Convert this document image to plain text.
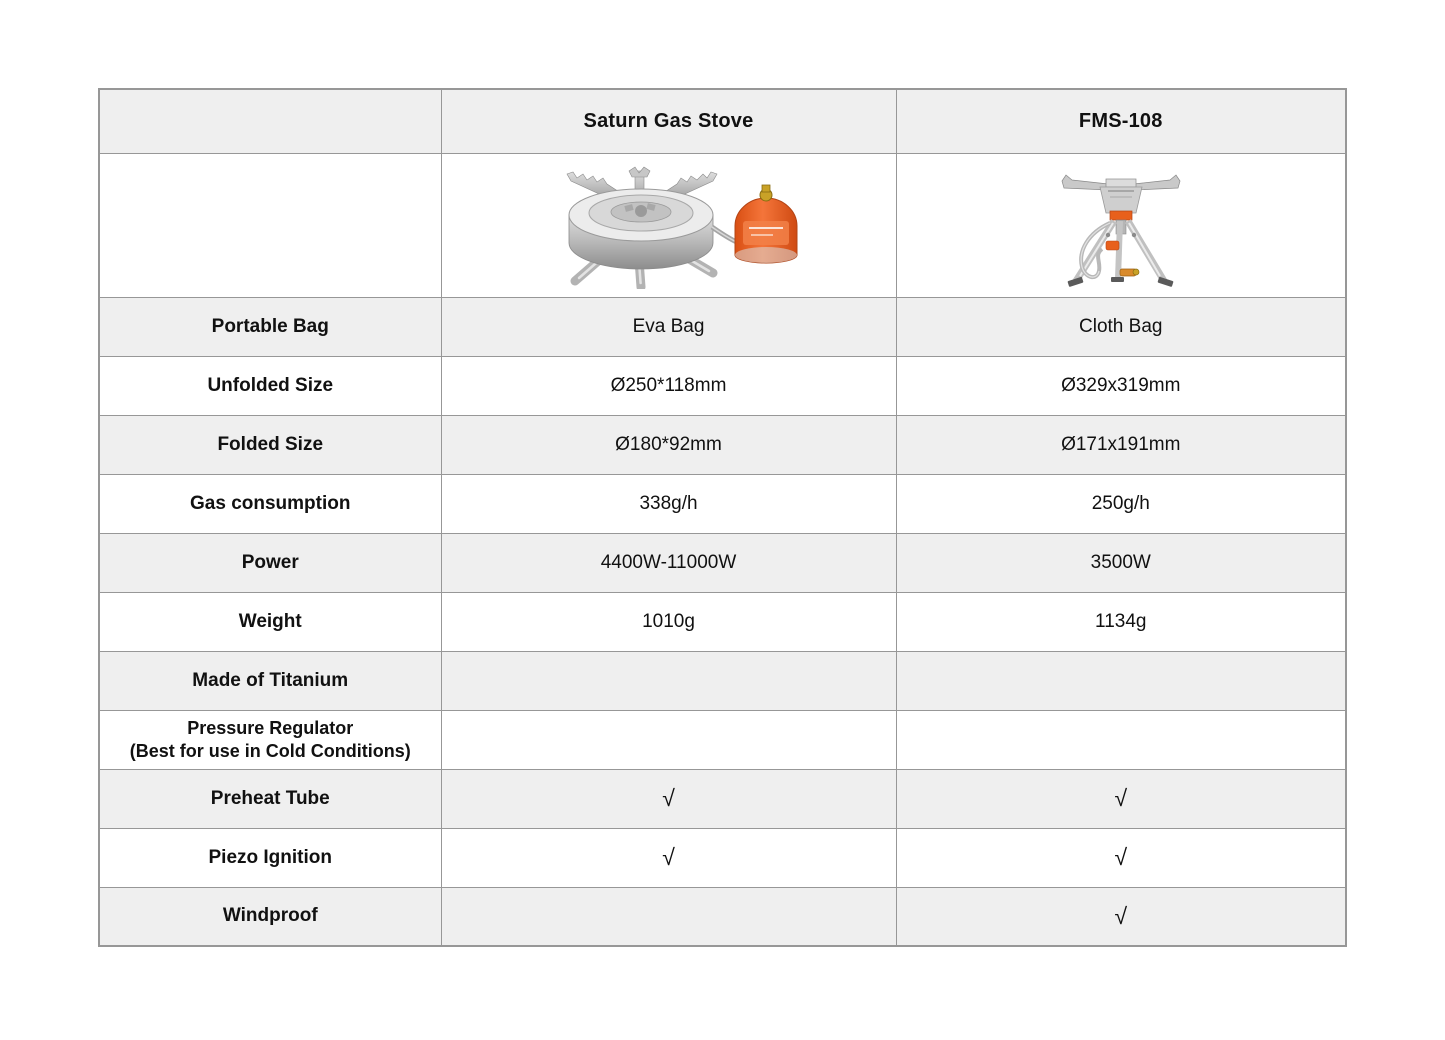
	Saturn Gas Stove	FMS-108

Portable Bag	Eva Bag	Cloth Bag
Unfolded Size	Ø250*118mm	Ø329x319mm
Folded Size	Ø180*92mm	Ø171x191mm
Gas consumption	338g/h	250g/h
Power	4400W-11000W	3500W
Weight	1010g	1134g
Made of Titanium		

Pressure Regulator
(Best for use in Cold Conditions)		

Preheat Tube	√	√
Piezo Ignition	√	√
Windproof		√
